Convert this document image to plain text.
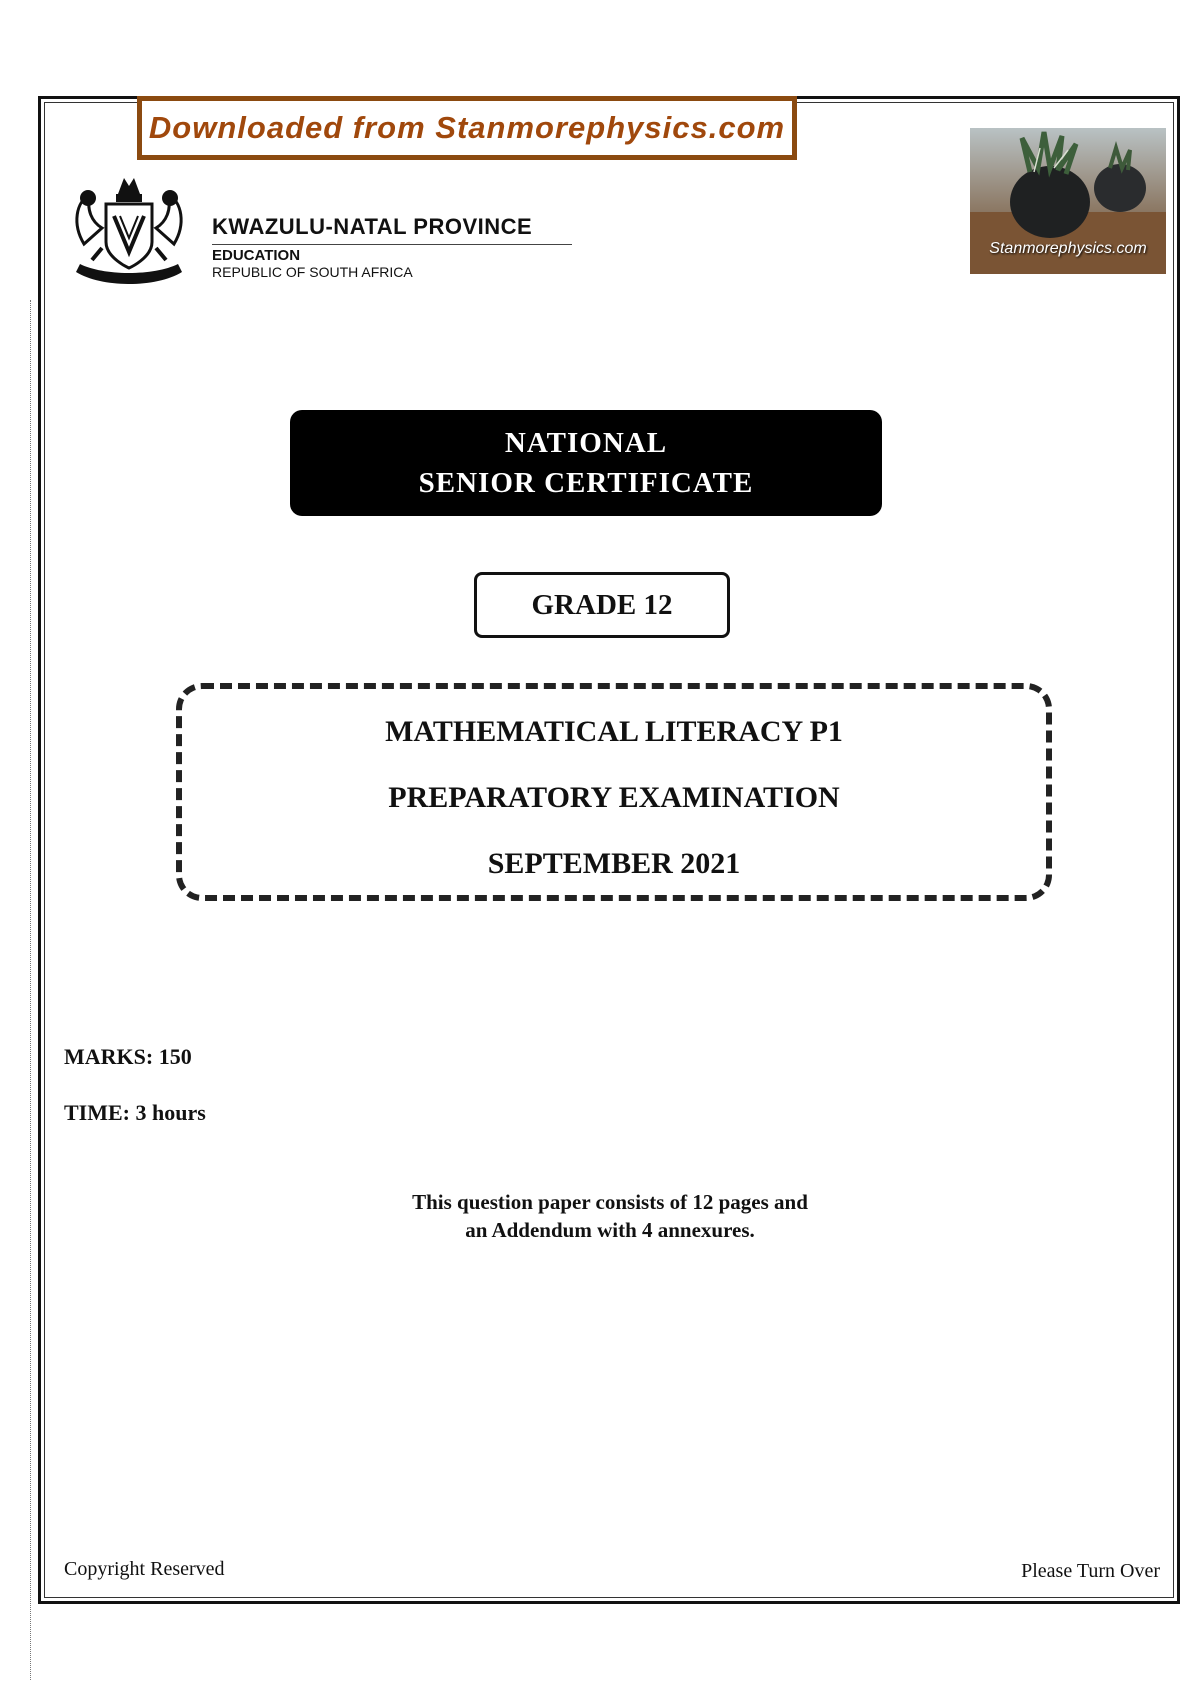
Downloaded from Stanmorephysics.com
KWAZULU-NATAL PROVINCE
EDUCATION
REPUBLIC OF SOUTH AFRICA
Stanmorephysics.com
NATIONAL
SENIOR CERTIFICATE
GRADE 12
MATHEMATICAL LITERACY P1
PREPARATORY EXAMINATION
SEPTEMBER 2021
MARKS: 150
TIME: 3 hours
This question paper consists of 12 pages and
an Addendum with 4 annexures.
Copyright Reserved	Please Turn Over
